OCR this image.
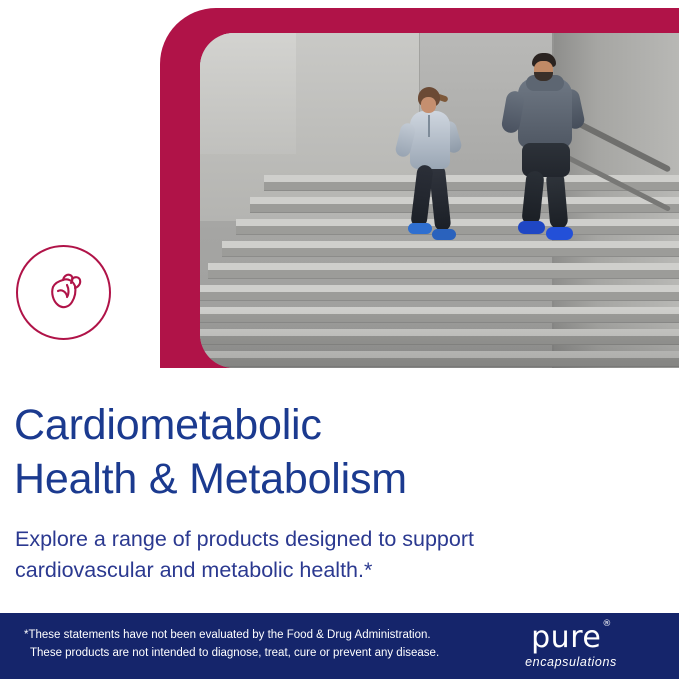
Cardiometabolic
Health & Metabolism
Explore a range of products designed to support
cardiovascular and metabolic health.*
*These statements have not been evaluated by the Food & Drug Administration.
These products are not intended to diagnose, treat, cure or prevent any disease.	pure®
encapsulations
